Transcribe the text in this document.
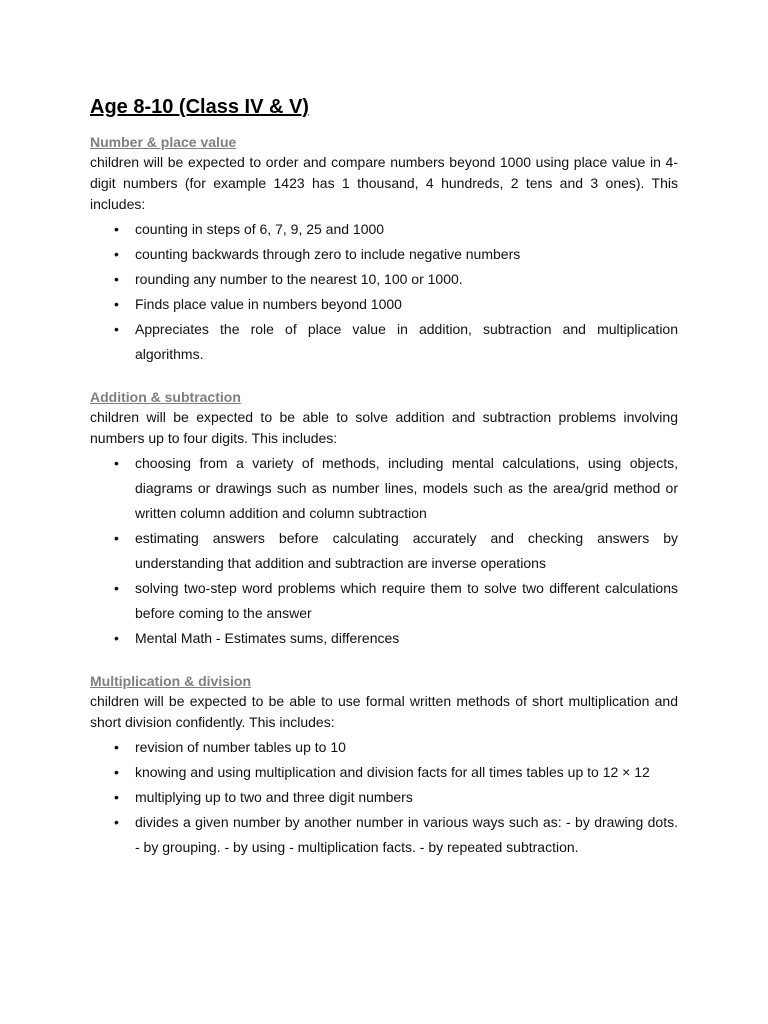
Age 8-10 (Class IV & V)

Number & place value

children will be expected to order and compare numbers beyond 1000 using place value in 4-digit numbers (for example 1423 has 1 thousand, 4 hundreds, 2 tens and 3 ones). This includes:

• counting in steps of 6, 7, 9, 25 and 1000
• counting backwards through zero to include negative numbers
• rounding any number to the nearest 10, 100 or 1000.
• Finds place value in numbers beyond 1000
• Appreciates the role of place value in addition, subtraction and multiplication algorithms.

Addition & subtraction

children will be expected to be able to solve addition and subtraction problems involving numbers up to four digits. This includes:

• choosing from a variety of methods, including mental calculations, using objects, diagrams or drawings such as number lines, models such as the area/grid method or written column addition and column subtraction
• estimating answers before calculating accurately and checking answers by understanding that addition and subtraction are inverse operations
• solving two-step word problems which require them to solve two different calculations before coming to the answer
• Mental Math - Estimates sums, differences

Multiplication & division

children will be expected to be able to use formal written methods of short multiplication and short division confidently. This includes:

• revision of number tables up to 10
• knowing and using multiplication and division facts for all times tables up to 12 × 12
• multiplying up to two and three digit numbers
• divides a given number by another number in various ways such as: - by drawing dots. - by grouping. - by using - multiplication facts. - by repeated subtraction.
